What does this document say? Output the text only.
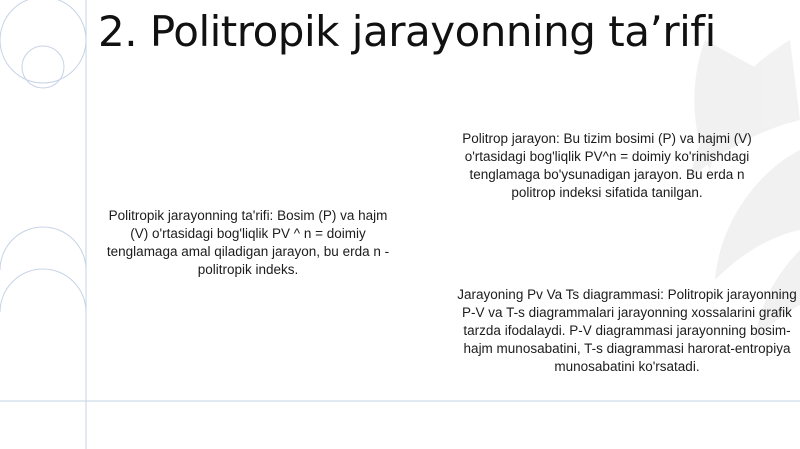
2. Politropik jarayonning ta’rifi
Politropik jarayonning ta'rifi: Bosim (P) va hajm (V) o'rtasidagi bog'liqlik PV ^ n = doimiy tenglamaga amal qiladigan jarayon, bu erda n - politropik indeks.
Politrop jarayon: Bu tizim bosimi (P) va hajmi (V) o'rtasidagi bog'liqlik PV^n = doimiy ko'rinishdagi tenglamaga bo'ysunadigan jarayon. Bu erda n politrop indeksi sifatida tanilgan.
Jarayoning Pv Va Ts diagrammasi: Politropik jarayonning P-V va T-s diagrammalari jarayonning xossalarini grafik tarzda ifodalaydi. P-V diagrammasi jarayonning bosim-hajm munosabatini, T-s diagrammasi harorat-entropiya munosabatini ko'rsatadi.
